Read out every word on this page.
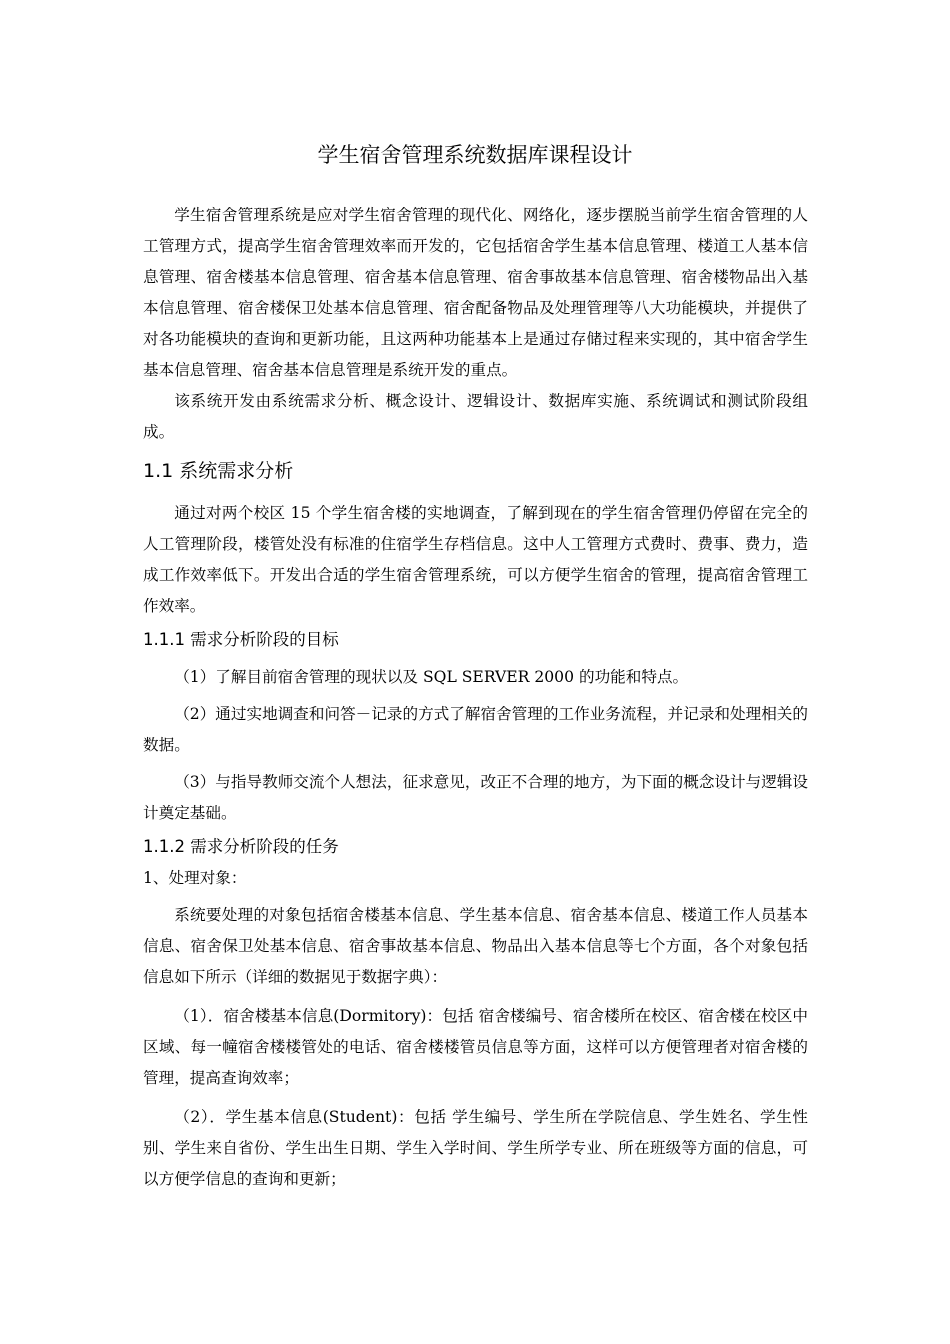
学生宿舍管理系统数据库课程设计

学生宿舍管理系统是应对学生宿舍管理的现代化、网络化，逐步摆脱当前学生宿舍管理的人工管理方式，提高学生宿舍管理效率而开发的，它包括宿舍学生基本信息管理、楼道工人基本信息管理、宿舍楼基本信息管理、宿舍基本信息管理、宿舍事故基本信息管理、宿舍楼物品出入基本信息管理、宿舍楼保卫处基本信息管理、宿舍配备物品及处理管理等八大功能模块，并提供了对各功能模块的查询和更新功能，且这两种功能基本上是通过存储过程来实现的，其中宿舍学生基本信息管理、宿舍基本信息管理是系统开发的重点。

该系统开发由系统需求分析、概念设计、逻辑设计、数据库实施、系统调试和测试阶段组成。

1.1 系统需求分析

通过对两个校区 15 个学生宿舍楼的实地调查，了解到现在的学生宿舍管理仍停留在完全的人工管理阶段，楼管处没有标准的住宿学生存档信息。这中人工管理方式费时、费事、费力，造成工作效率低下。开发出合适的学生宿舍管理系统，可以方便学生宿舍的管理，提高宿舍管理工作效率。

1.1.1 需求分析阶段的目标

（1）了解目前宿舍管理的现状以及 SQL SERVER 2000 的功能和特点。

（2）通过实地调查和问答－记录的方式了解宿舍管理的工作业务流程，并记录和处理相关的数据。

（3）与指导教师交流个人想法，征求意见，改正不合理的地方，为下面的概念设计与逻辑设计奠定基础。

1.1.2 需求分析阶段的任务

1、处理对象：

系统要处理的对象包括宿舍楼基本信息、学生基本信息、宿舍基本信息、楼道工作人员基本信息、宿舍保卫处基本信息、宿舍事故基本信息、物品出入基本信息等七个方面，各个对象包括信息如下所示（详细的数据见于数据字典）：

（1）．宿舍楼基本信息(Dormitory)：包括 宿舍楼编号、宿舍楼所在校区、宿舍楼在校区中区域、每一幢宿舍楼楼管处的电话、宿舍楼楼管员信息等方面，这样可以方便管理者对宿舍楼的管理，提高查询效率；

（2）．学生基本信息(Student)：包括 学生编号、学生所在学院信息、学生姓名、学生性别、学生来自省份、学生出生日期、学生入学时间、学生所学专业、所在班级等方面的信息，可以方便学信息的查询和更新；
